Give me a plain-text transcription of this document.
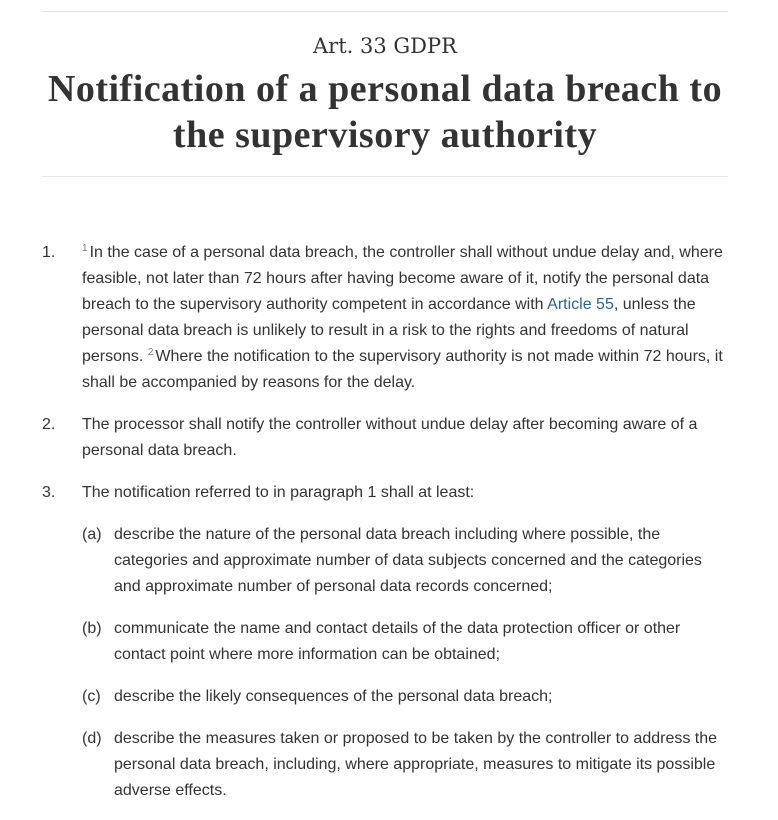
Art. 33 GDPR
Notification of a personal data breach to the supervisory authority
1.	$^1$ In the case of a personal data breach, the controller shall without undue delay and, where feasible, not later than 72 hours after having become aware of it, notify the personal data breach to the supervisory authority competent in accordance with Article 55, unless the personal data breach is unlikely to result in a risk to the rights and freedoms of natural persons. $^2$ Where the notification to the supervisory authority is not made within 72 hours, it shall be accompanied by reasons for the delay.
2.	The processor shall notify the controller without undue delay after becoming aware of a personal data breach.
3.	The notification referred to in paragraph 1 shall at least:
(a) describe the nature of the personal data breach including where possible, the categories and approximate number of data subjects concerned and the categories and approximate number of personal data records concerned;
(b) communicate the name and contact details of the data protection officer or other contact point where more information can be obtained;
(c) describe the likely consequences of the personal data breach;
(d) describe the measures taken or proposed to be taken by the controller to address the personal data breach, including, where appropriate, measures to mitigate its possible adverse effects.
